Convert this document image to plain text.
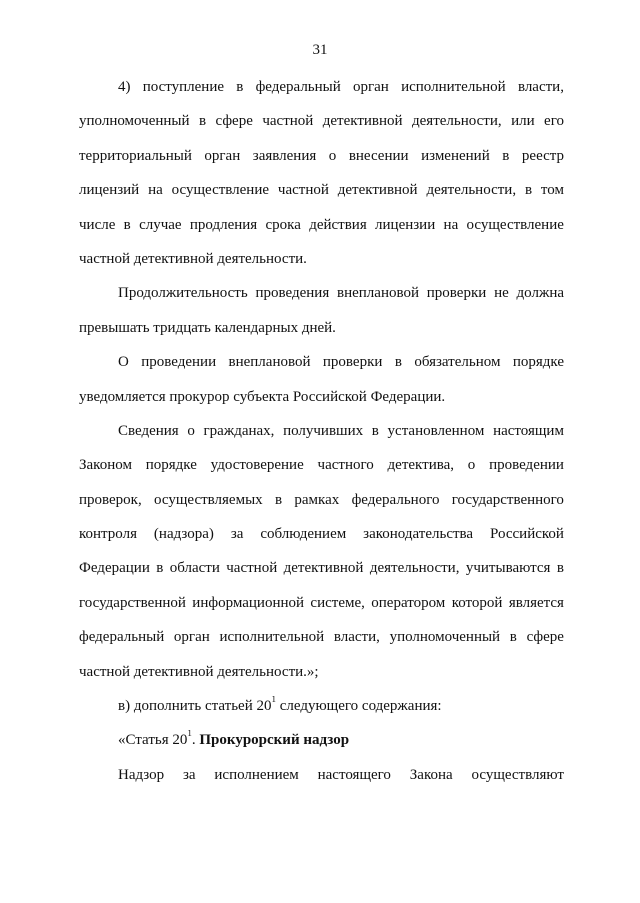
31
4) поступление в федеральный орган исполнительной власти,
уполномоченный в сфере частной детективной деятельности, или его
территориальный орган заявления о внесении изменений в реестр
лицензий на осуществление частной детективной деятельности, в том
числе в случае продления срока действия лицензии на осуществление
частной детективной деятельности.
Продолжительность проведения внеплановой проверки не должна
превышать тридцать календарных дней.
О проведении внеплановой проверки в обязательном порядке
уведомляется прокурор субъекта Российской Федерации.
Сведения о гражданах, получивших в установленном настоящим
Законом порядке удостоверение частного детектива, о проведении
проверок, осуществляемых в рамках федерального государственного
контроля (надзора) за соблюдением законодательства Российской
Федерации в области частной детективной деятельности, учитываются в
государственной информационной системе, оператором которой является
федеральный орган исполнительной власти, уполномоченный в сфере
частной детективной деятельности.»;
в) дополнить статьей $20^1$ следующего содержания:
«Статья $20^1$. Прокурорский надзор
Надзор за исполнением настоящего Закона осуществляют
